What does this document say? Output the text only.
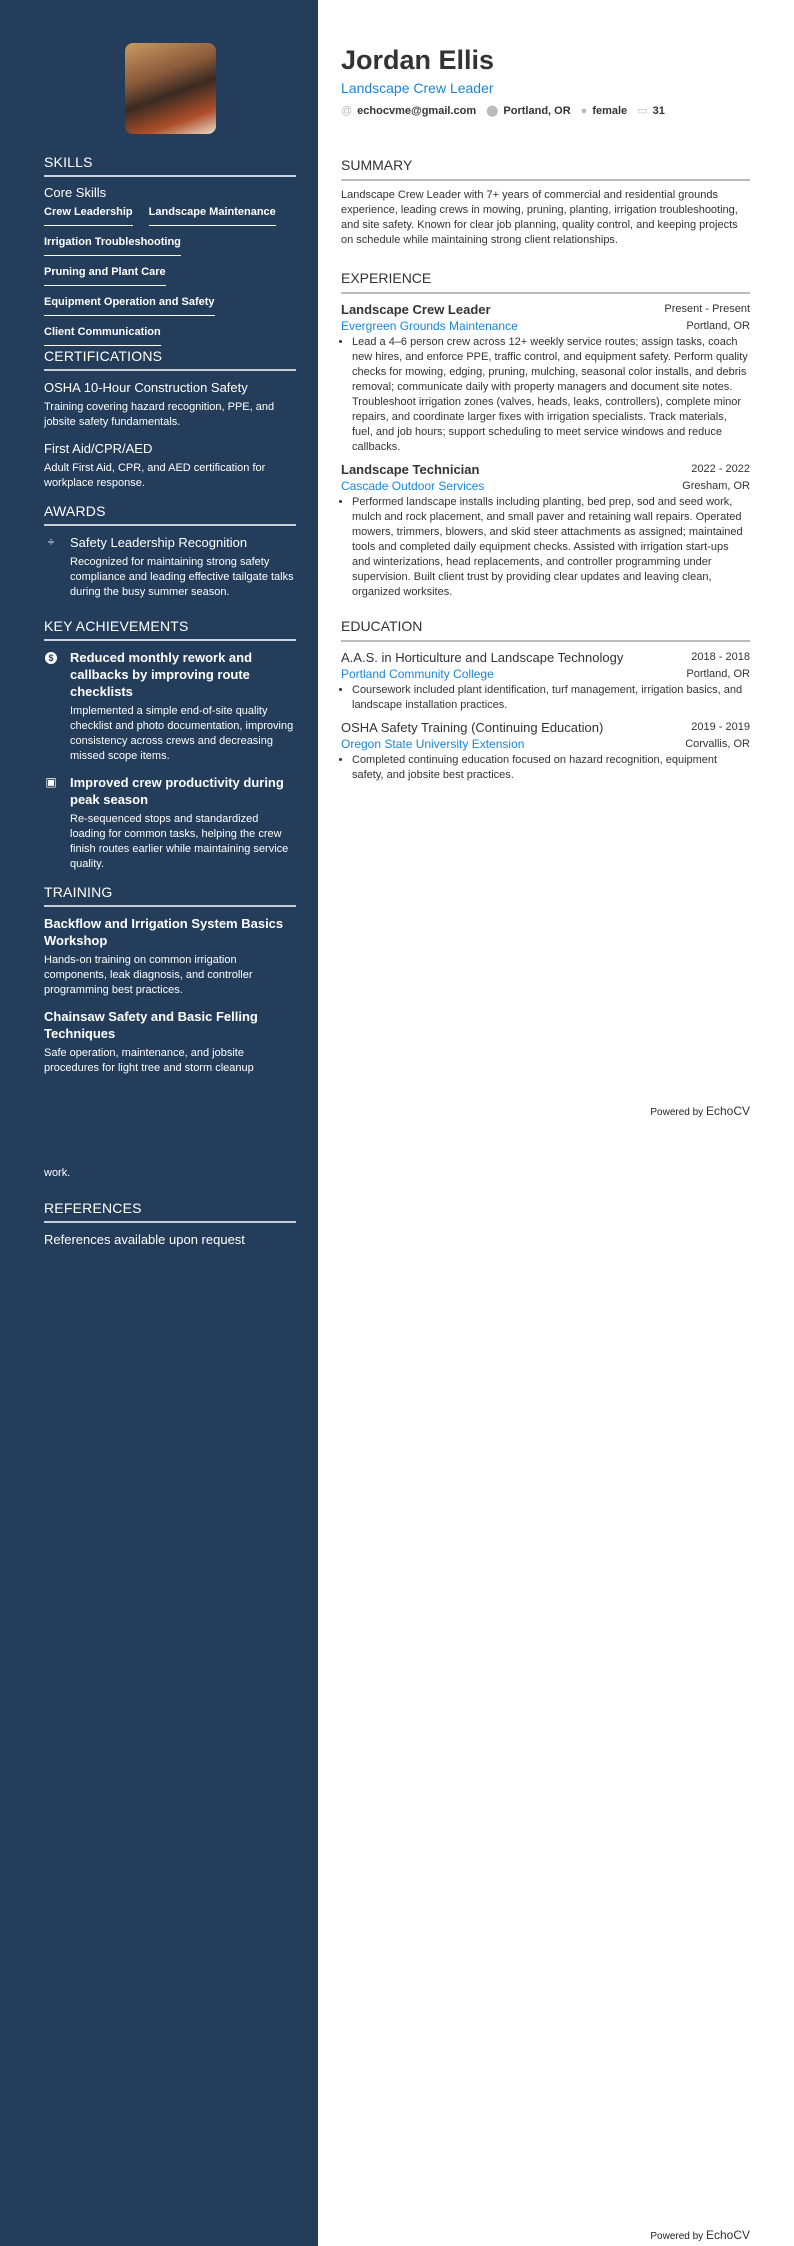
SKILLS
Core Skills
Crew Leadership Landscape Maintenance
Irrigation Troubleshooting
Pruning and Plant Care
Equipment Operation and Safety
Client Communication
CERTIFICATIONS
OSHA 10-Hour Construction Safety
Training covering hazard recognition, PPE, and jobsite safety fundamentals.
First Aid/CPR/AED
Adult First Aid, CPR, and AED certification for workplace response.
AWARDS
÷ Safety Leadership Recognition
Recognized for maintaining strong safety compliance and leading effective tailgate talks during the busy summer season.
KEY ACHIEVEMENTS
$	Reduced monthly rework and callbacks by improving route checklists
Implemented a simple end-of-site quality checklist and photo documentation, improving consistency across crews and decreasing missed scope items.
▣ Improved crew productivity during peak season
Re-sequenced stops and standardized loading for common tasks, helping the crew finish routes earlier while maintaining service quality.
TRAINING
Backflow and Irrigation System Basics Workshop
Hands-on training on common irrigation components, leak diagnosis, and controller programming best practices.
Chainsaw Safety and Basic Felling Techniques
Safe operation, maintenance, and jobsite procedures for light tree and storm cleanup
work.
REFERENCES
References available upon request
Jordan Ellis
Landscape Crew Leader
@ echocvme@gmail.com ⬤ Portland, OR ● female ▭ 31
SUMMARY
Landscape Crew Leader with 7+ years of commercial and residential grounds experience, leading crews in mowing, pruning, planting, irrigation troubleshooting, and site safety. Known for clear job planning, quality control, and keeping projects on schedule while maintaining strong client relationships.
EXPERIENCE
Landscape Crew Leader	Present - Present
Evergreen Grounds Maintenance	Portland, OR
• Lead a 4–6 person crew across 12+ weekly service routes; assign tasks, coach new hires, and enforce PPE, traffic control, and equipment safety. Perform quality checks for mowing, edging, pruning, mulching, seasonal color installs, and debris removal; communicate daily with property managers and document site notes. Troubleshoot irrigation zones (valves, heads, leaks, controllers), complete minor repairs, and coordinate larger fixes with irrigation specialists. Track materials, fuel, and job hours; support scheduling to meet service windows and reduce callbacks.
Landscape Technician	2022 - 2022
Cascade Outdoor Services	Gresham, OR
• Performed landscape installs including planting, bed prep, sod and seed work, mulch and rock placement, and small paver and retaining wall repairs. Operated mowers, trimmers, blowers, and skid steer attachments as assigned; maintained tools and completed daily equipment checks. Assisted with irrigation start-ups and winterizations, head replacements, and controller programming under supervision. Built client trust by providing clear updates and leaving clean, organized worksites.
EDUCATION
A.A.S. in Horticulture and Landscape Technology	2018 - 2018
Portland Community College	Portland, OR
• Coursework included plant identification, turf management, irrigation basics, and landscape installation practices.
OSHA Safety Training (Continuing Education)	2019 - 2019
Oregon State University Extension	Corvallis, OR
• Completed continuing education focused on hazard recognition, equipment safety, and jobsite best practices.
Powered by EchoCV
Powered by EchoCV
